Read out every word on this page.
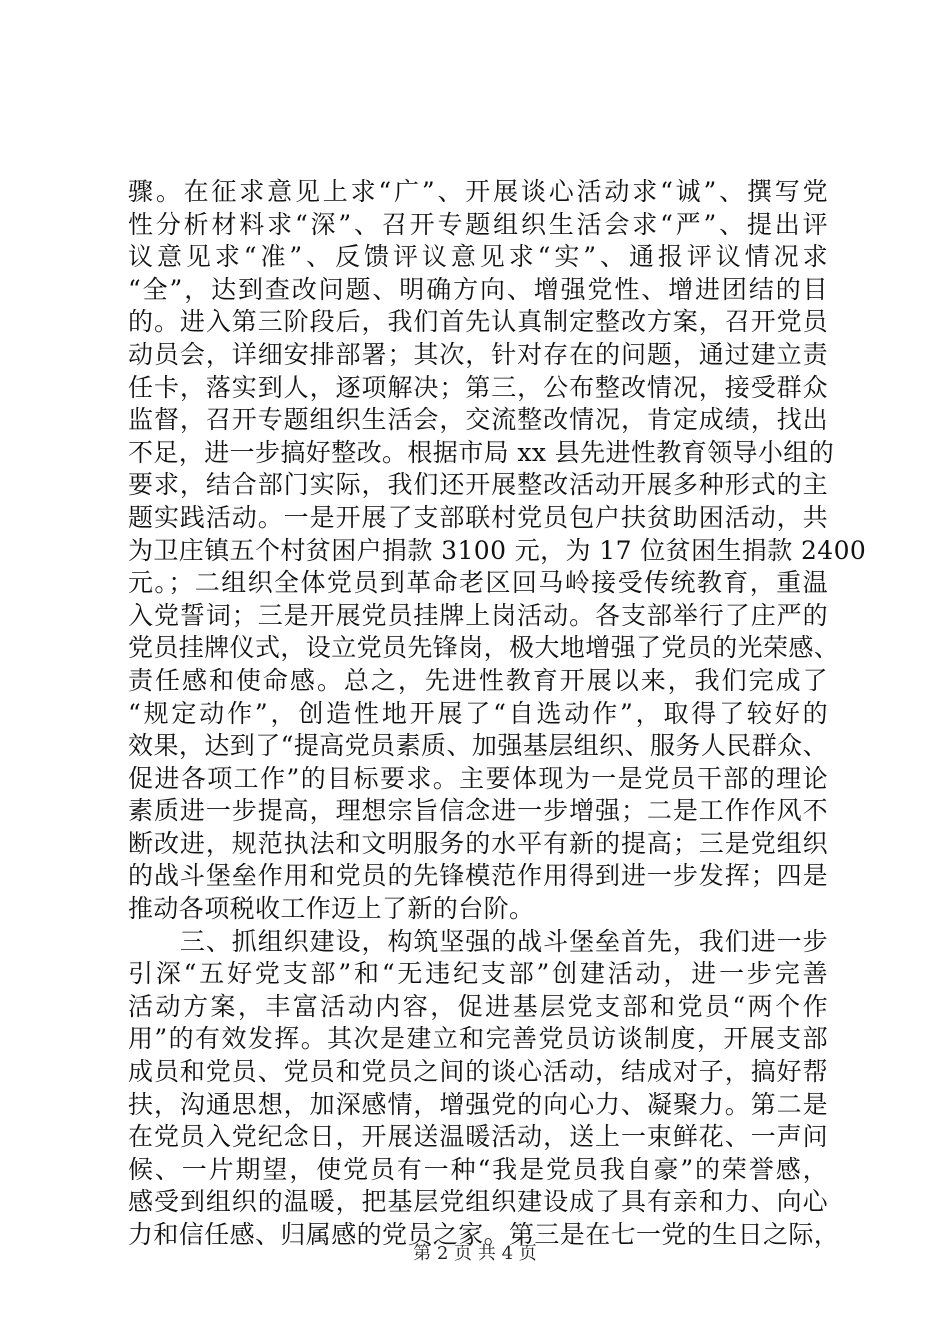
骤。在征求意见上求“广”、开展谈心活动求“诚”、撰写党
性分析材料求“深”、召开专题组织生活会求“严”、提出评
议意见求“准”、反馈评议意见求“实”、通报评议情况求
“全”，达到查改问题、明确方向、增强党性、增进团结的目
的。进入第三阶段后，我们首先认真制定整改方案，召开党员
动员会，详细安排部署；其次，针对存在的问题，通过建立责
任卡，落实到人，逐项解决；第三，公布整改情况，接受群众
监督，召开专题组织生活会，交流整改情况，肯定成绩，找出
不足，进一步搞好整改。根据市局 xx 县先进性教育领导小组的
要求，结合部门实际，我们还开展整改活动开展多种形式的主
题实践活动。一是开展了支部联村党员包户扶贫助困活动，共
为卫庄镇五个村贫困户捐款 3100 元，为 17 位贫困生捐款 2400
元。；二组织全体党员到革命老区回马岭接受传统教育，重温
入党誓词；三是开展党员挂牌上岗活动。各支部举行了庄严的
党员挂牌仪式，设立党员先锋岗，极大地增强了党员的光荣感、
责任感和使命感。总之，先进性教育开展以来，我们完成了
“规定动作”，创造性地开展了“自选动作”，取得了较好的
效果，达到了“提高党员素质、加强基层组织、服务人民群众、
促进各项工作”的目标要求。主要体现为一是党员干部的理论
素质进一步提高，理想宗旨信念进一步增强；二是工作作风不
断改进，规范执法和文明服务的水平有新的提高；三是党组织
的战斗堡垒作用和党员的先锋模范作用得到进一步发挥；四是
推动各项税收工作迈上了新的台阶。
　　三、抓组织建设，构筑坚强的战斗堡垒首先，我们进一步
引深“五好党支部”和“无违纪支部”创建活动，进一步完善
活动方案，丰富活动内容，促进基层党支部和党员“两个作
用”的有效发挥。其次是建立和完善党员访谈制度，开展支部
成员和党员、党员和党员之间的谈心活动，结成对子，搞好帮
扶，沟通思想，加深感情，增强党的向心力、凝聚力。第二是
在党员入党纪念日，开展送温暖活动，送上一束鲜花、一声问
候、一片期望，使党员有一种“我是党员我自豪”的荣誉感，
感受到组织的温暖，把基层党组织建设成了具有亲和力、向心
力和信任感、归属感的党员之家。第三是在七一党的生日之际，
第 2 页 共 4 页
